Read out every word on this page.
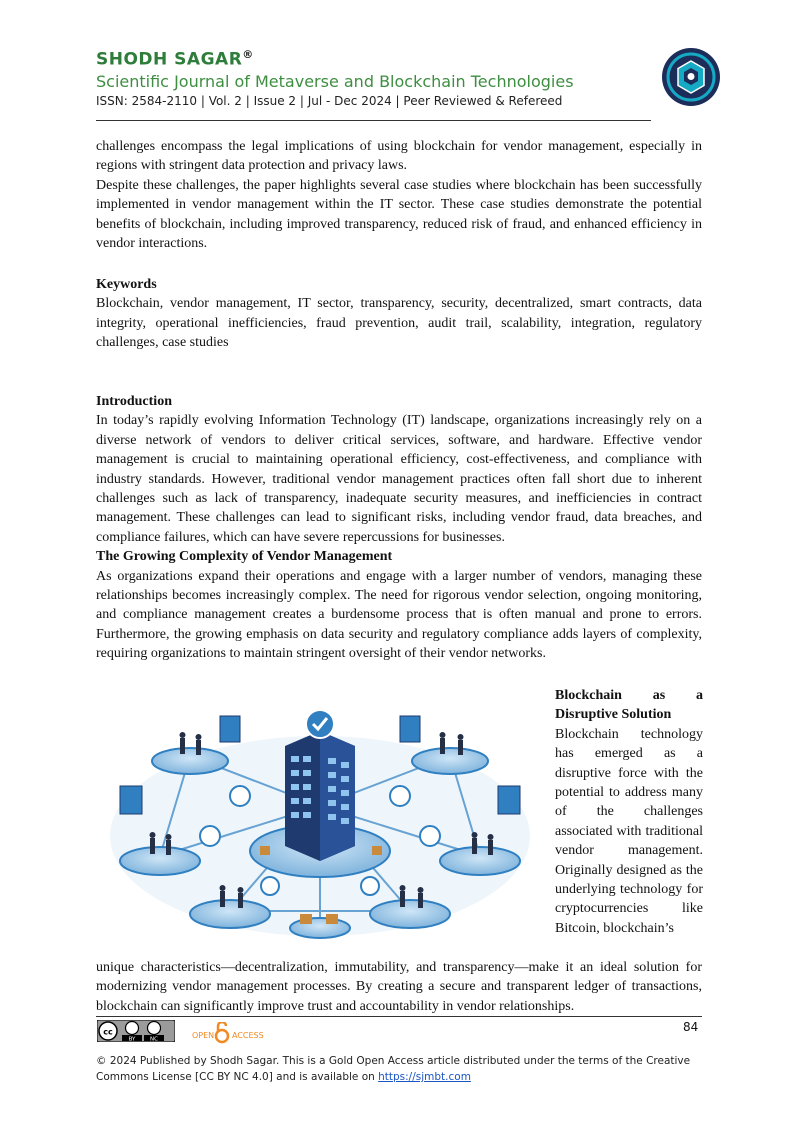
SHODH SAGAR®
Scientific Journal of Metaverse and Blockchain Technologies
ISSN: 2584-2110 | Vol. 2 | Issue 2 | Jul - Dec 2024 | Peer Reviewed & Refereed

challenges encompass the legal implications of using blockchain for vendor management, especially in regions with stringent data protection and privacy laws.

Despite these challenges, the paper highlights several case studies where blockchain has been successfully implemented in vendor management within the IT sector. These case studies demonstrate the potential benefits of blockchain, including improved transparency, reduced risk of fraud, and enhanced efficiency in vendor interactions.

Keywords

Blockchain, vendor management, IT sector, transparency, security, decentralized, smart contracts, data integrity, operational inefficiencies, fraud prevention, audit trail, scalability, integration, regulatory challenges, case studies

Introduction

In today’s rapidly evolving Information Technology (IT) landscape, organizations increasingly rely on a diverse network of vendors to deliver critical services, software, and hardware. Effective vendor management is crucial to maintaining operational efficiency, cost-effectiveness, and compliance with industry standards. However, traditional vendor management practices often fall short due to inherent challenges such as lack of transparency, inadequate security measures, and inefficiencies in contract management. These challenges can lead to significant risks, including vendor fraud, data breaches, and compliance failures, which can have severe repercussions for businesses.

The Growing Complexity of Vendor Management

As organizations expand their operations and engage with a larger number of vendors, managing these relationships becomes increasingly complex. The need for rigorous vendor selection, ongoing monitoring, and compliance management creates a burdensome process that is often manual and prone to errors. Furthermore, the growing emphasis on data security and regulatory compliance adds layers of complexity, requiring organizations to maintain stringent oversight of their vendor networks.

Blockchain as a Disruptive Solution

Blockchain technology has emerged as a disruptive force with the potential to address many of the challenges associated with traditional vendor management. Originally designed as the underlying technology for cryptocurrencies like Bitcoin, blockchain’s

unique characteristics—decentralization, immutability, and transparency—make it an ideal solution for modernizing vendor management processes. By creating a secure and transparent ledger of transactions, blockchain can significantly improve trust and accountability in vendor relationships.

cc
BY	NC	OPEN ACCESS
84
© 2024 Published by Shodh Sagar. This is a Gold Open Access article distributed under the terms of the Creative Commons License [CC BY NC 4.0] and is available on https://sjmbt.com
